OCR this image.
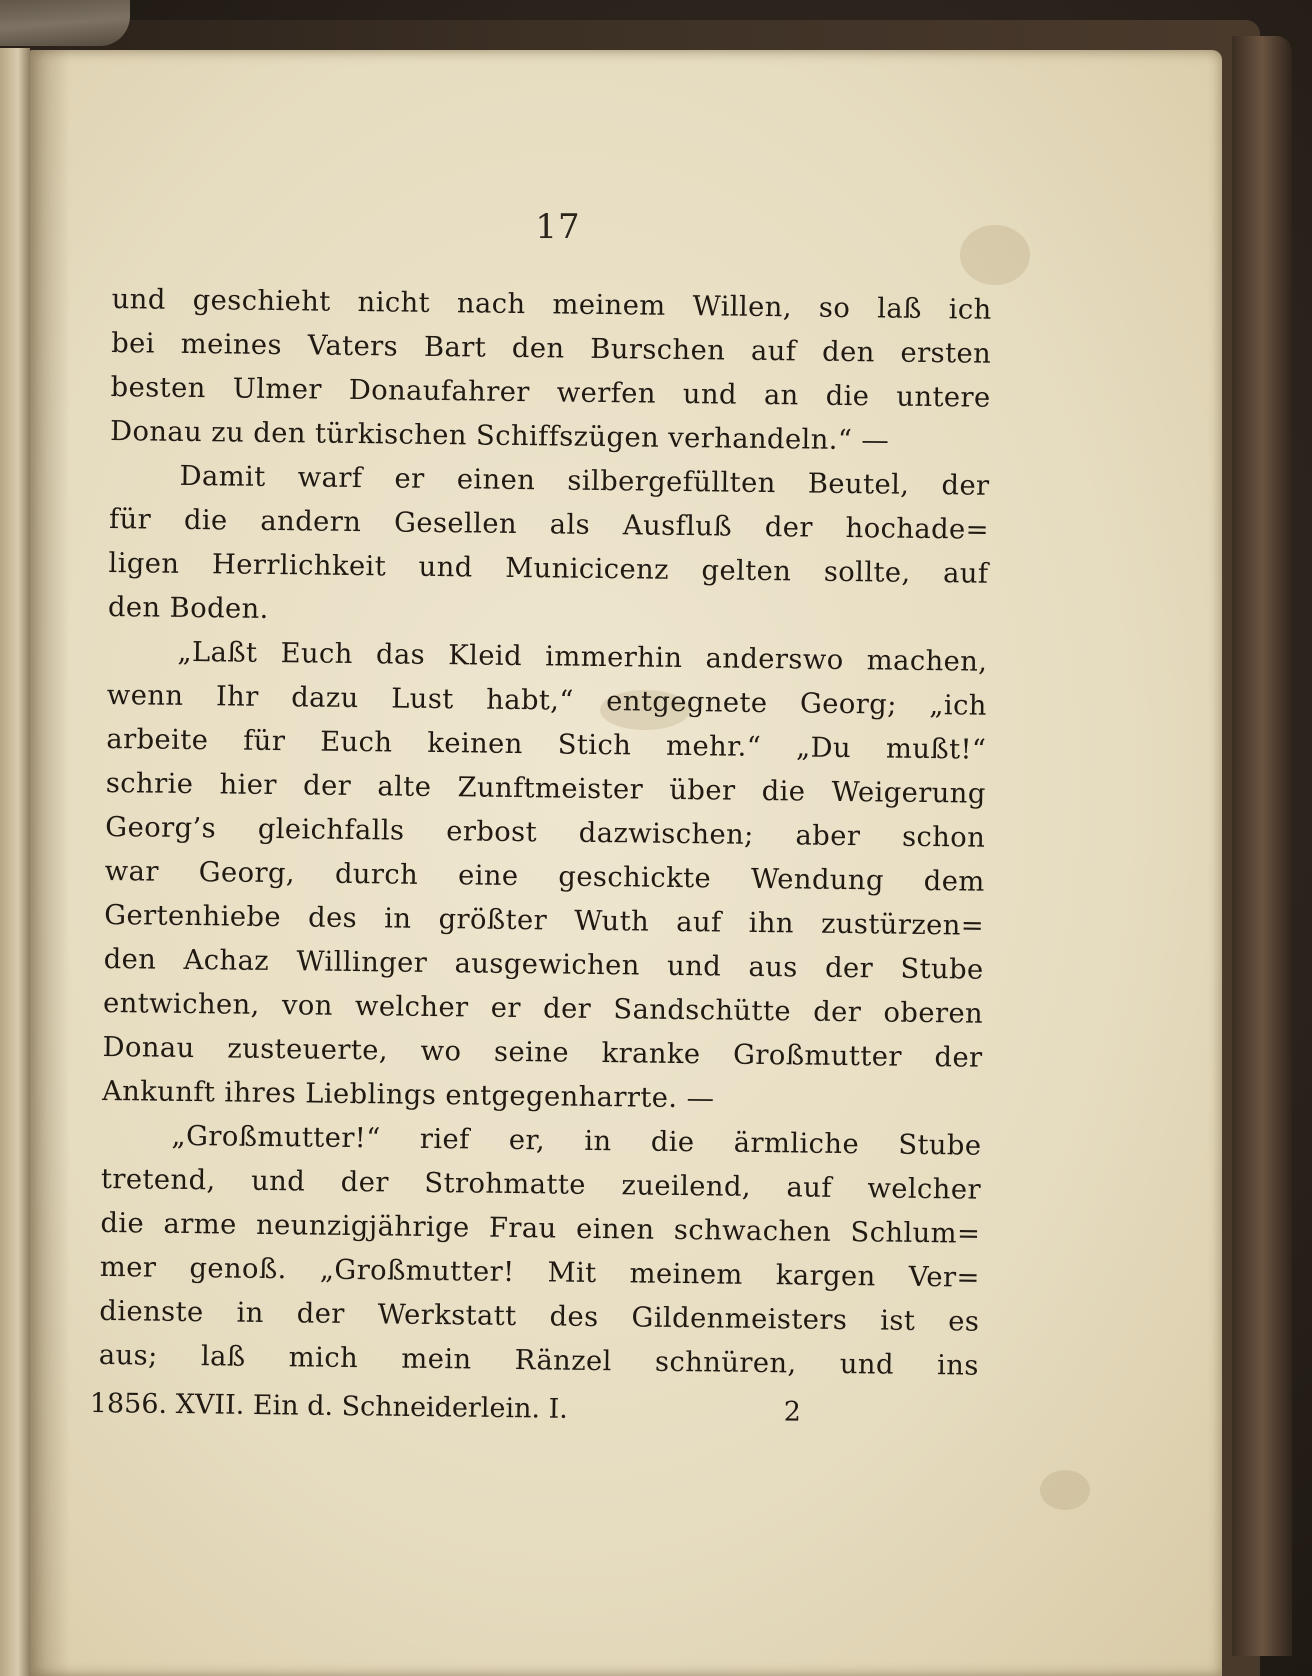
17
und geschieht nicht nach meinem Willen, so laß ich
bei meines Vaters Bart den Burschen auf den ersten
besten Ulmer Donaufahrer werfen und an die untere
Donau zu den türkischen Schiffszügen verhandeln.“ —
Damit warf er einen silbergefüllten Beutel, der
für die andern Gesellen als Ausfluß der hochade=
ligen Herrlichkeit und Municicenz gelten sollte, auf
den Boden.
„Laßt Euch das Kleid immerhin anderswo machen,
wenn Ihr dazu Lust habt,“ entgegnete Georg; „ich
arbeite für Euch keinen Stich mehr.“ „Du mußt!“
schrie hier der alte Zunftmeister über die Weigerung
Georg’s gleichfalls erbost dazwischen; aber schon
war Georg, durch eine geschickte Wendung dem
Gertenhiebe des in größter Wuth auf ihn zustürzen=
den Achaz Willinger ausgewichen und aus der Stube
entwichen, von welcher er der Sandschütte der oberen
Donau zusteuerte, wo seine kranke Großmutter der
Ankunft ihres Lieblings entgegenharrte. —
„Großmutter!“ rief er, in die ärmliche Stube
tretend, und der Strohmatte zueilend, auf welcher
die arme neunzigjährige Frau einen schwachen Schlum=
mer genoß. „Großmutter! Mit meinem kargen Ver=
dienste in der Werkstatt des Gildenmeisters ist es
aus; laß mich mein Ränzel schnüren, und ins
1856. XVII. Ein d. Schneiderlein. I.	2
